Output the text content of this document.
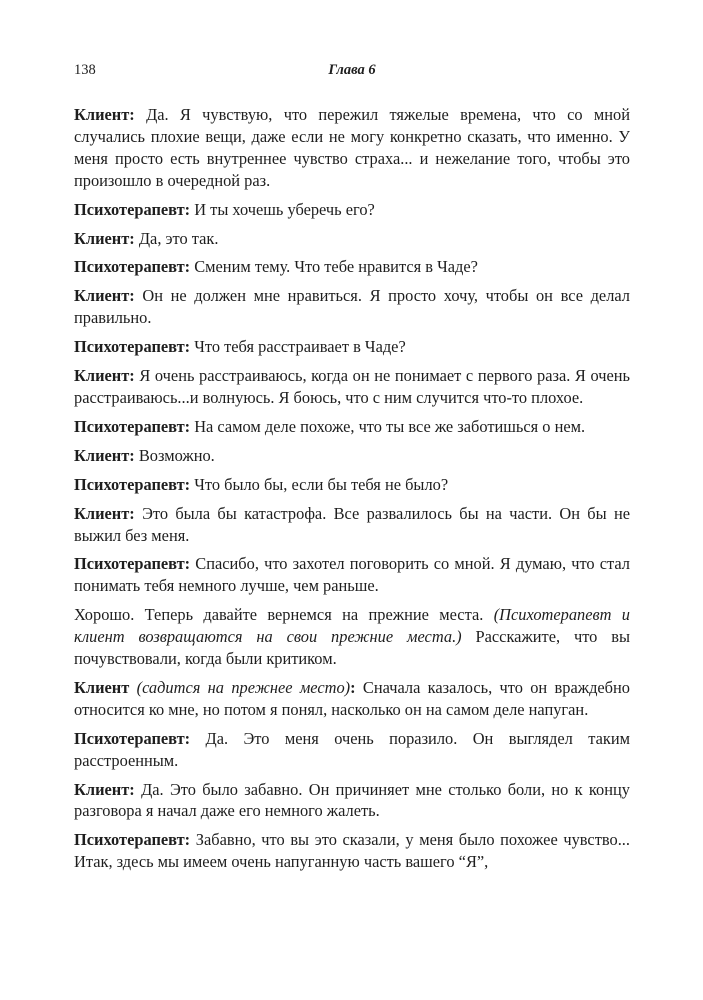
138	Глава 6

Клиент: Да. Я чувствую, что пережил тяжелые времена, что со мной случались плохие вещи, даже если не могу конкретно сказать, что именно. У меня просто есть внутреннее чувство страха... и нежелание того, чтобы это произошло в очередной раз.

Психотерапевт: И ты хочешь уберечь его?

Клиент: Да, это так.

Психотерапевт: Сменим тему. Что тебе нравится в Чаде?

Клиент: Он не должен мне нравиться. Я просто хочу, чтобы он все делал правильно.

Психотерапевт: Что тебя расстраивает в Чаде?

Клиент: Я очень расстраиваюсь, когда он не понимает с первого раза. Я очень расстраиваюсь...и волнуюсь. Я боюсь, что с ним случится что-то плохое.

Психотерапевт: На самом деле похоже, что ты все же заботишься о нем.

Клиент: Возможно.

Психотерапевт: Что было бы, если бы тебя не было?

Клиент: Это была бы катастрофа. Все развалилось бы на части. Он бы не выжил без меня.

Психотерапевт: Спасибо, что захотел поговорить со мной. Я думаю, что стал понимать тебя немного лучше, чем раньше.

Хорошо. Теперь давайте вернемся на прежние места. (Психотерапевт и клиент возвращаются на свои прежние места.) Расскажите, что вы почувствовали, когда были критиком.

Клиент (садится на прежнее место): Сначала казалось, что он враждебно относится ко мне, но потом я понял, насколько он на самом деле напуган.

Психотерапевт: Да. Это меня очень поразило. Он выглядел таким расстроенным.

Клиент: Да. Это было забавно. Он причиняет мне столько боли, но к концу разговора я начал даже его немного жалеть.

Психотерапевт: Забавно, что вы это сказали, у меня было похожее чувство... Итак, здесь мы имеем очень напуганную часть вашего “Я”,
